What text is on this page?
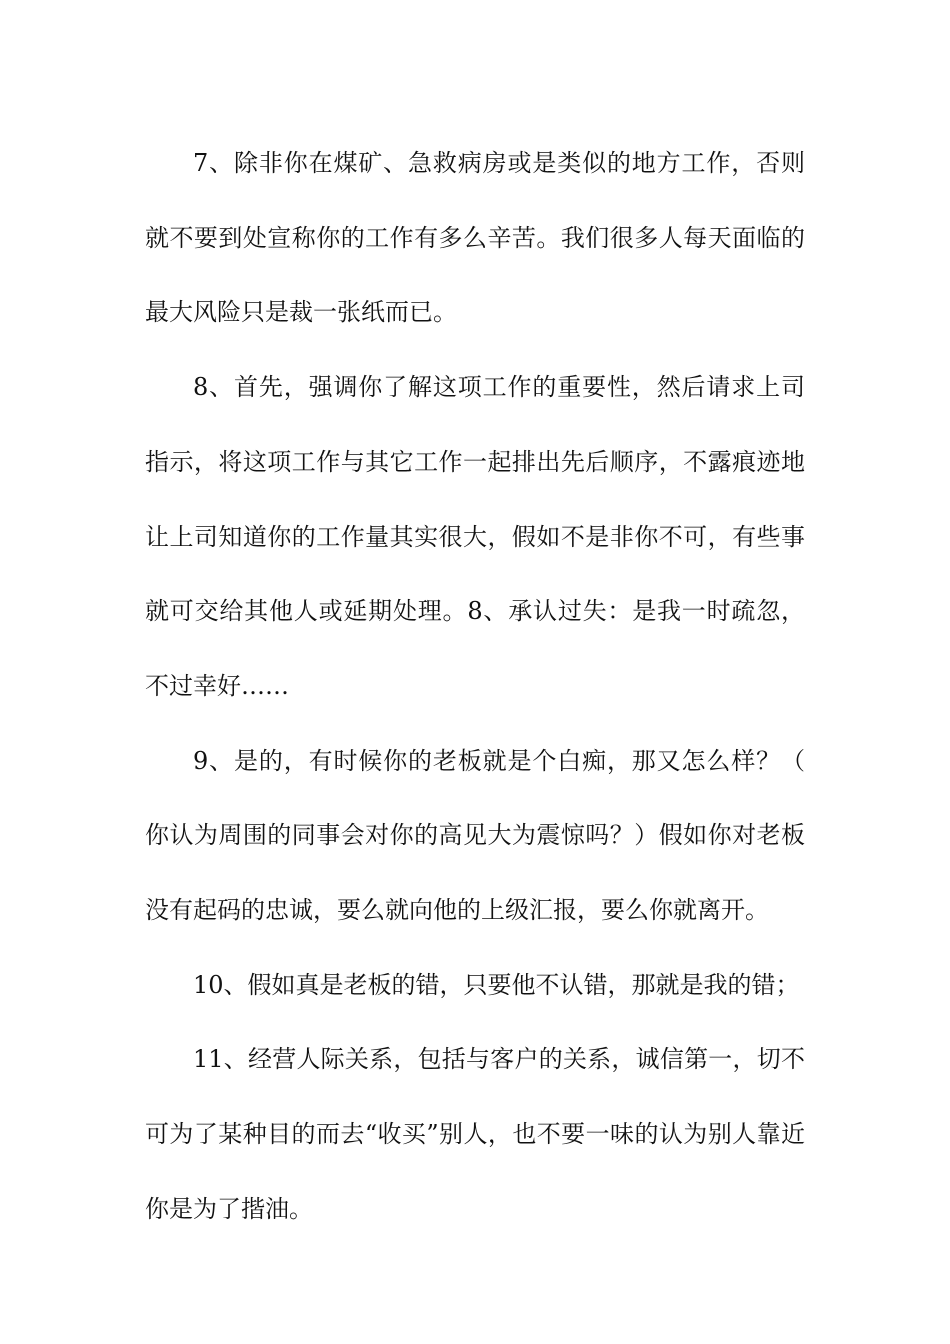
7、除非你在煤矿、急救病房或是类似的地方工作，否则就不要到处宣称你的工作有多么辛苦。我们很多人每天面临的最大风险只是裁一张纸而已。

8、首先，强调你了解这项工作的重要性，然后请求上司指示，将这项工作与其它工作一起排出先后顺序，不露痕迹地让上司知道你的工作量其实很大，假如不是非你不可，有些事就可交给其他人或延期处理。8、承认过失：是我一时疏忽，不过幸好……

9、是的，有时候你的老板就是个白痴，那又怎么样？（你认为周围的同事会对你的高见大为震惊吗？）假如你对老板没有起码的忠诚，要么就向他的上级汇报，要么你就离开。

10、假如真是老板的错，只要他不认错，那就是我的错；

11、经营人际关系，包括与客户的关系，诚信第一，切不可为了某种目的而去“收买”别人，也不要一味的认为别人靠近你是为了揩油。
